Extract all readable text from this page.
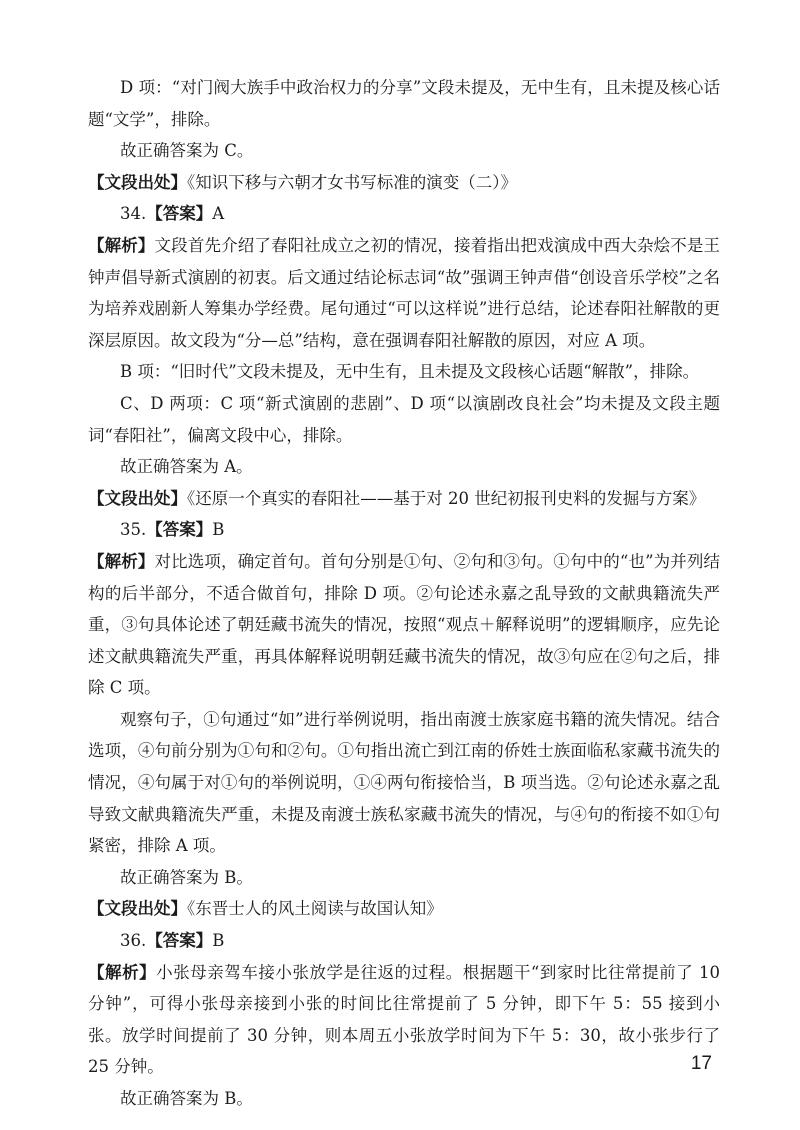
D 项：“对门阀大族手中政治权力的分享”文段未提及，无中生有，且未提及核心话题“文学”，排除。

故正确答案为 C。

【文段出处】《知识下移与六朝才女书写标准的演变（二）》

34.【答案】A

【解析】文段首先介绍了春阳社成立之初的情况，接着指出把戏演成中西大杂烩不是王钟声倡导新式演剧的初衷。后文通过结论标志词“故”强调王钟声借“创设音乐学校”之名为培养戏剧新人筹集办学经费。尾句通过“可以这样说”进行总结，论述春阳社解散的更深层原因。故文段为“分—总”结构，意在强调春阳社解散的原因，对应 A 项。

B 项：“旧时代”文段未提及，无中生有，且未提及文段核心话题“解散”，排除。

C、D 两项：C 项“新式演剧的悲剧”、D 项“以演剧改良社会”均未提及文段主题词“春阳社”，偏离文段中心，排除。

故正确答案为 A。

【文段出处】《还原一个真实的春阳社——基于对 20 世纪初报刊史料的发掘与方案》

35.【答案】B

【解析】对比选项，确定首句。首句分别是①句、②句和③句。①句中的“也”为并列结构的后半部分，不适合做首句，排除 D 项。②句论述永嘉之乱导致的文献典籍流失严重，③句具体论述了朝廷藏书流失的情况，按照“观点＋解释说明”的逻辑顺序，应先论述文献典籍流失严重，再具体解释说明朝廷藏书流失的情况，故③句应在②句之后，排除 C 项。

观察句子，①句通过“如”进行举例说明，指出南渡士族家庭书籍的流失情况。结合选项，④句前分别为①句和②句。①句指出流亡到江南的侨姓士族面临私家藏书流失的情况，④句属于对①句的举例说明，①④两句衔接恰当，B 项当选。②句论述永嘉之乱导致文献典籍流失严重，未提及南渡士族私家藏书流失的情况，与④句的衔接不如①句紧密，排除 A 项。

故正确答案为 B。

【文段出处】《东晋士人的风土阅读与故国认知》

36.【答案】B

【解析】小张母亲驾车接小张放学是往返的过程。根据题干“到家时比往常提前了 10 分钟”，可得小张母亲接到小张的时间比往常提前了 5 分钟，即下午 5：55 接到小张。放学时间提前了 30 分钟，则本周五小张放学时间为下午 5：30，故小张步行了 25 分钟。

故正确答案为 B。

17
